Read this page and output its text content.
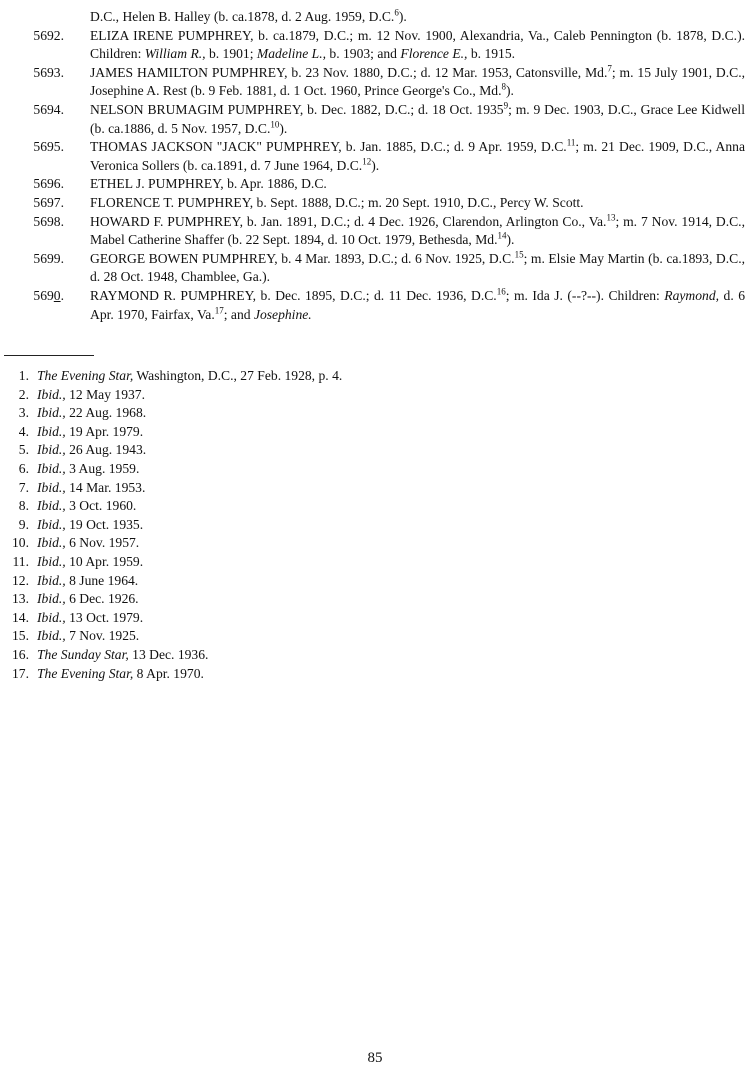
D.C., Helen B. Halley (b. ca.1878, d. 2 Aug. 1959, D.C.$^6$).
5692. ELIZA IRENE PUMPHREY, b. ca.1879, D.C.; m. 12 Nov. 1900, Alexandria, Va., Caleb Pennington (b. 1878, D.C.). Children: William R., b. 1901; Madeline L., b. 1903; and Florence E., b. 1915.
5693. JAMES HAMILTON PUMPHREY, b. 23 Nov. 1880, D.C.; d. 12 Mar. 1953, Catonsville, Md.$^7$; m. 15 July 1901, D.C., Josephine A. Rest (b. 9 Feb. 1881, d. 1 Oct. 1960, Prince George's Co., Md.$^8$).
5694. NELSON BRUMAGIM PUMPHREY, b. Dec. 1882, D.C.; d. 18 Oct. 1935$^9$; m. 9 Dec. 1903, D.C., Grace Lee Kidwell (b. ca.1886, d. 5 Nov. 1957, D.C.$^{10}$).
5695. THOMAS JACKSON "JACK" PUMPHREY, b. Jan. 1885, D.C.; d. 9 Apr. 1959, D.C.$^{11}$; m. 21 Dec. 1909, D.C., Anna Veronica Sollers (b. ca.1891, d. 7 June 1964, D.C.$^{12}$).
5696. ETHEL J. PUMPHREY, b. Apr. 1886, D.C.
5697. FLORENCE T. PUMPHREY, b. Sept. 1888, D.C.; m. 20 Sept. 1910, D.C., Percy W. Scott.
5698. HOWARD F. PUMPHREY, b. Jan. 1891, D.C.; d. 4 Dec. 1926, Clarendon, Arlington Co., Va.$^{13}$; m. 7 Nov. 1914, D.C., Mabel Catherine Shaffer (b. 22 Sept. 1894, d. 10 Oct. 1979, Bethesda, Md.$^{14}$).
5699. GEORGE BOWEN PUMPHREY, b. 4 Mar. 1893, D.C.; d. 6 Nov. 1925, D.C.$^{15}$; m. Elsie May Martin (b. ca.1893, D.C., d. 28 Oct. 1948, Chamblee, Ga.).
5690. RAYMOND R. PUMPHREY, b. Dec. 1895, D.C.; d. 11 Dec. 1936, D.C.$^{16}$; m. Ida J. (--?--). Children: Raymond, d. 6 Apr. 1970, Fairfax, Va.$^{17}$; and Josephine.
1. The Evening Star, Washington, D.C., 27 Feb. 1928, p. 4.
2. Ibid., 12 May 1937.
3. Ibid., 22 Aug. 1968.
4. Ibid., 19 Apr. 1979.
5. Ibid., 26 Aug. 1943.
6. Ibid., 3 Aug. 1959.
7. Ibid., 14 Mar. 1953.
8. Ibid., 3 Oct. 1960.
9. Ibid., 19 Oct. 1935.
10. Ibid., 6 Nov. 1957.
11. Ibid., 10 Apr. 1959.
12. Ibid., 8 June 1964.
13. Ibid., 6 Dec. 1926.
14. Ibid., 13 Oct. 1979.
15. Ibid., 7 Nov. 1925.
16. The Sunday Star, 13 Dec. 1936.
17. The Evening Star, 8 Apr. 1970.
85
